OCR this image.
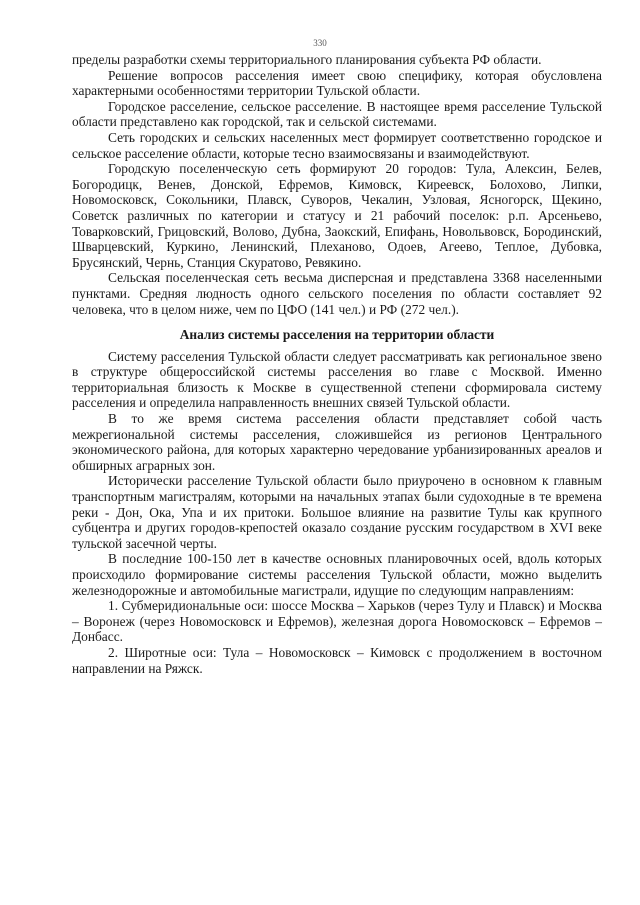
330

пределы разработки схемы территориального планирования субъекта РФ области.

Решение вопросов расселения имеет свою специфику, которая обусловлена характерными особенностями территории Тульской области.

Городское расселение, сельское расселение. В настоящее время расселение Тульской области представлено как городской, так и сельской системами.

Сеть городских и сельских населенных мест формирует соответственно городское и сельское расселение области, которые тесно взаимосвязаны и взаимодействуют.

Городскую поселенческую сеть формируют 20 городов: Тула, Алексин, Белев, Богородицк, Венев, Донской, Ефремов, Кимовск, Киреевск, Болохово, Липки, Новомосковск, Сокольники, Плавск, Суворов, Чекалин, Узловая, Ясногорск, Щекино, Советск различных по категории и статусу и 21 рабочий поселок: р.п. Арсеньево, Товарковский, Грицовский, Волово, Дубна, Заокский, Епифань, Новольвовск, Бородинский, Шварцевский, Куркино, Ленинский, Плеханово, Одоев, Агеево, Теплое, Дубовка, Брусянский, Чернь, Станция Скуратово, Ревякино.

Сельская поселенческая сеть весьма дисперсная и представлена 3368 населенными пунктами. Средняя людность одного сельского поселения по области составляет 92 человека, что в целом ниже, чем по ЦФО (141 чел.) и РФ (272 чел.).

Анализ системы расселения на территории области

Систему расселения Тульской области следует рассматривать как региональное звено в структуре общероссийской системы расселения во главе с Москвой. Именно территориальная близость к Москве в существенной степени сформировала систему расселения и определила направленность внешних связей Тульской области.

В то же время система расселения области представляет собой часть межрегиональной системы расселения, сложившейся из регионов Центрального экономического района, для которых характерно чередование урбанизированных ареалов и обширных аграрных зон.

Исторически расселение Тульской области было приурочено в основном к главным транспортным магистралям, которыми на начальных этапах были судоходные в те времена реки - Дон, Ока, Упа и их притоки. Большое влияние на развитие Тулы как крупного субцентра и других городов-крепостей оказало создание русским государством в XVI веке тульской засечной черты.

В последние 100-150 лет в качестве основных планировочных осей, вдоль которых происходило формирование системы расселения Тульской области, можно выделить железнодорожные и автомобильные магистрали, идущие по следующим направлениям:

1. Субмеридиональные оси: шоссе Москва – Харьков (через Тулу и Плавск) и Москва – Воронеж (через Новомосковск и Ефремов), железная дорога Новомосковск – Ефремов – Донбасс.

2. Широтные оси: Тула – Новомосковск – Кимовск с продолжением в восточном направлении на Ряжск.
